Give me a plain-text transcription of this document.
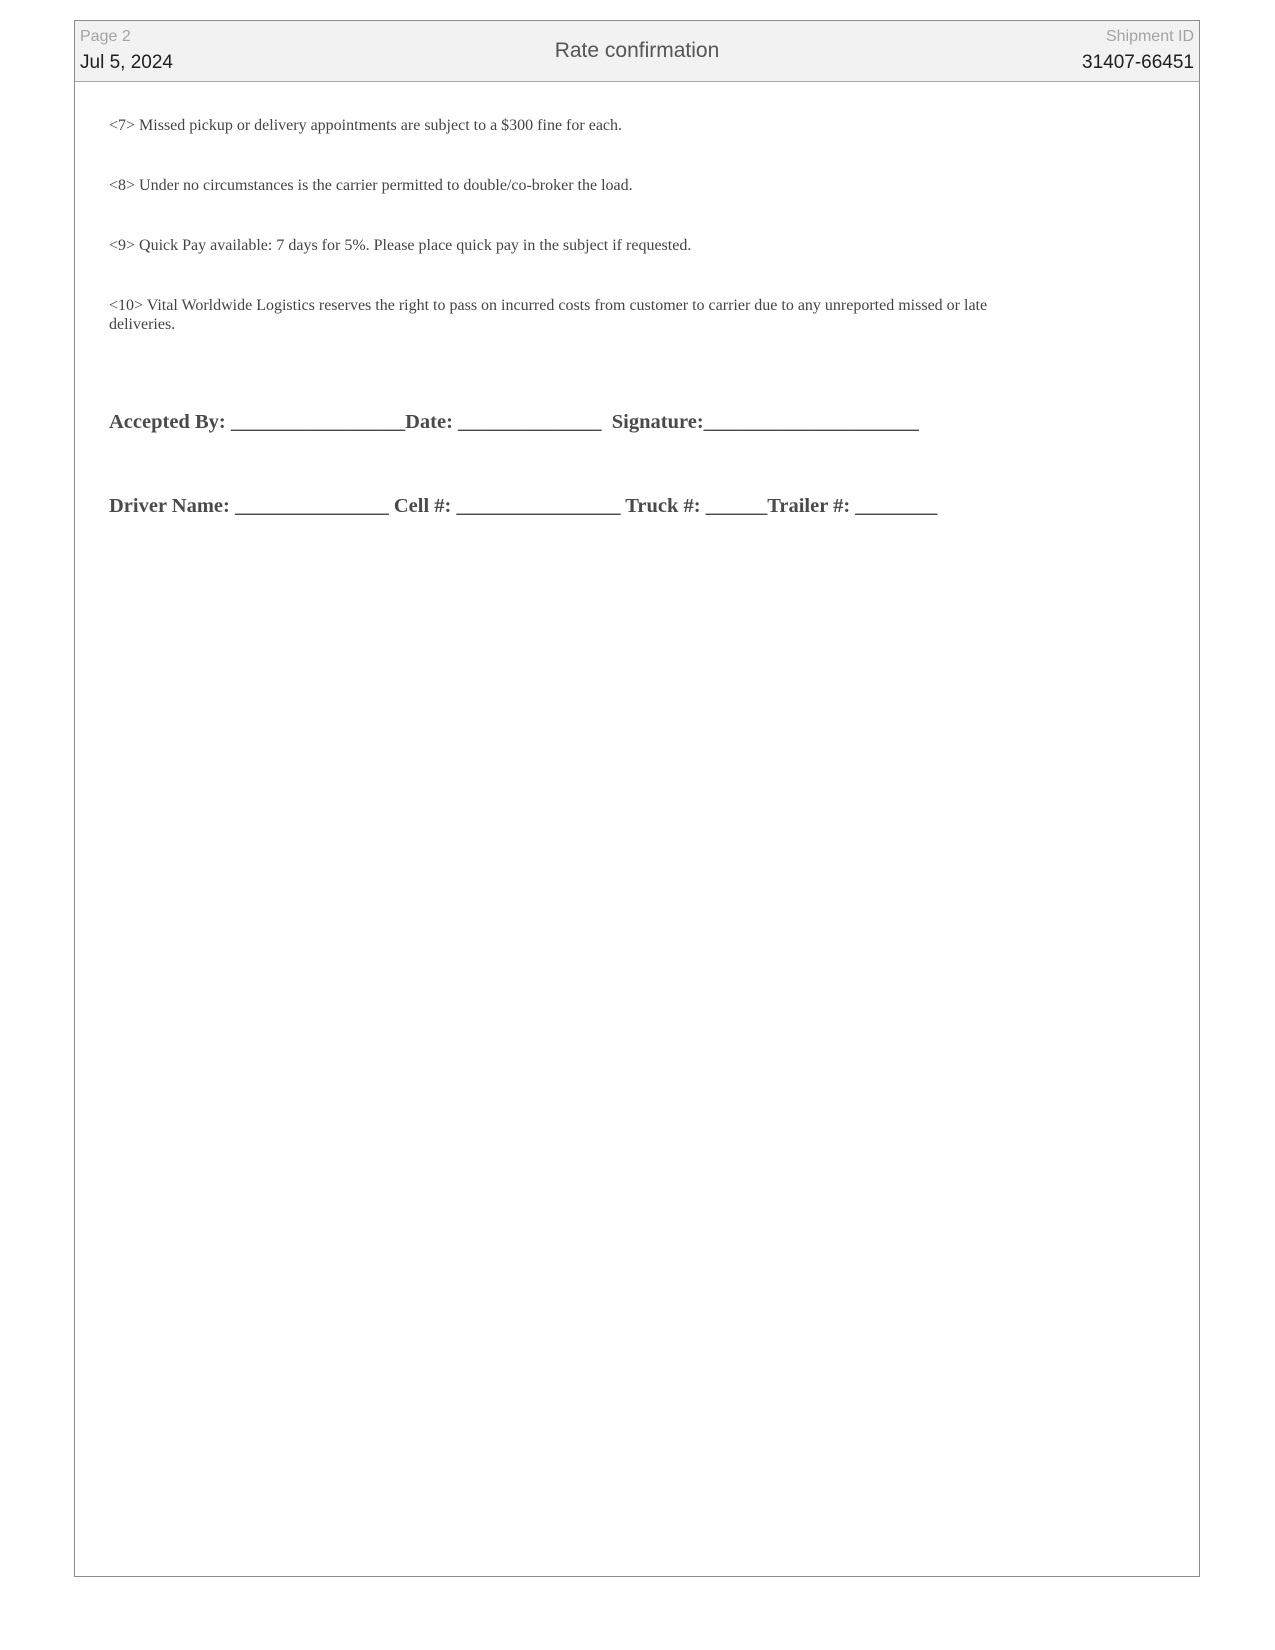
Page 2
Jul 5, 2024
Rate confirmation
Shipment ID
31407-66451

<7> Missed pickup or delivery appointments are subject to a $300 fine for each.

<8> Under no circumstances is the carrier permitted to double/co-broker the load.

<9> Quick Pay available: 7 days for 5%. Please place quick pay in the subject if requested.

<10> Vital Worldwide Logistics reserves the right to pass on incurred costs from customer to carrier due to any unreported missed or late deliveries.

Accepted By: _________________Date: ______________  Signature:_____________________
Driver Name: _______________ Cell #: ________________ Truck #: ______Trailer #: ________
